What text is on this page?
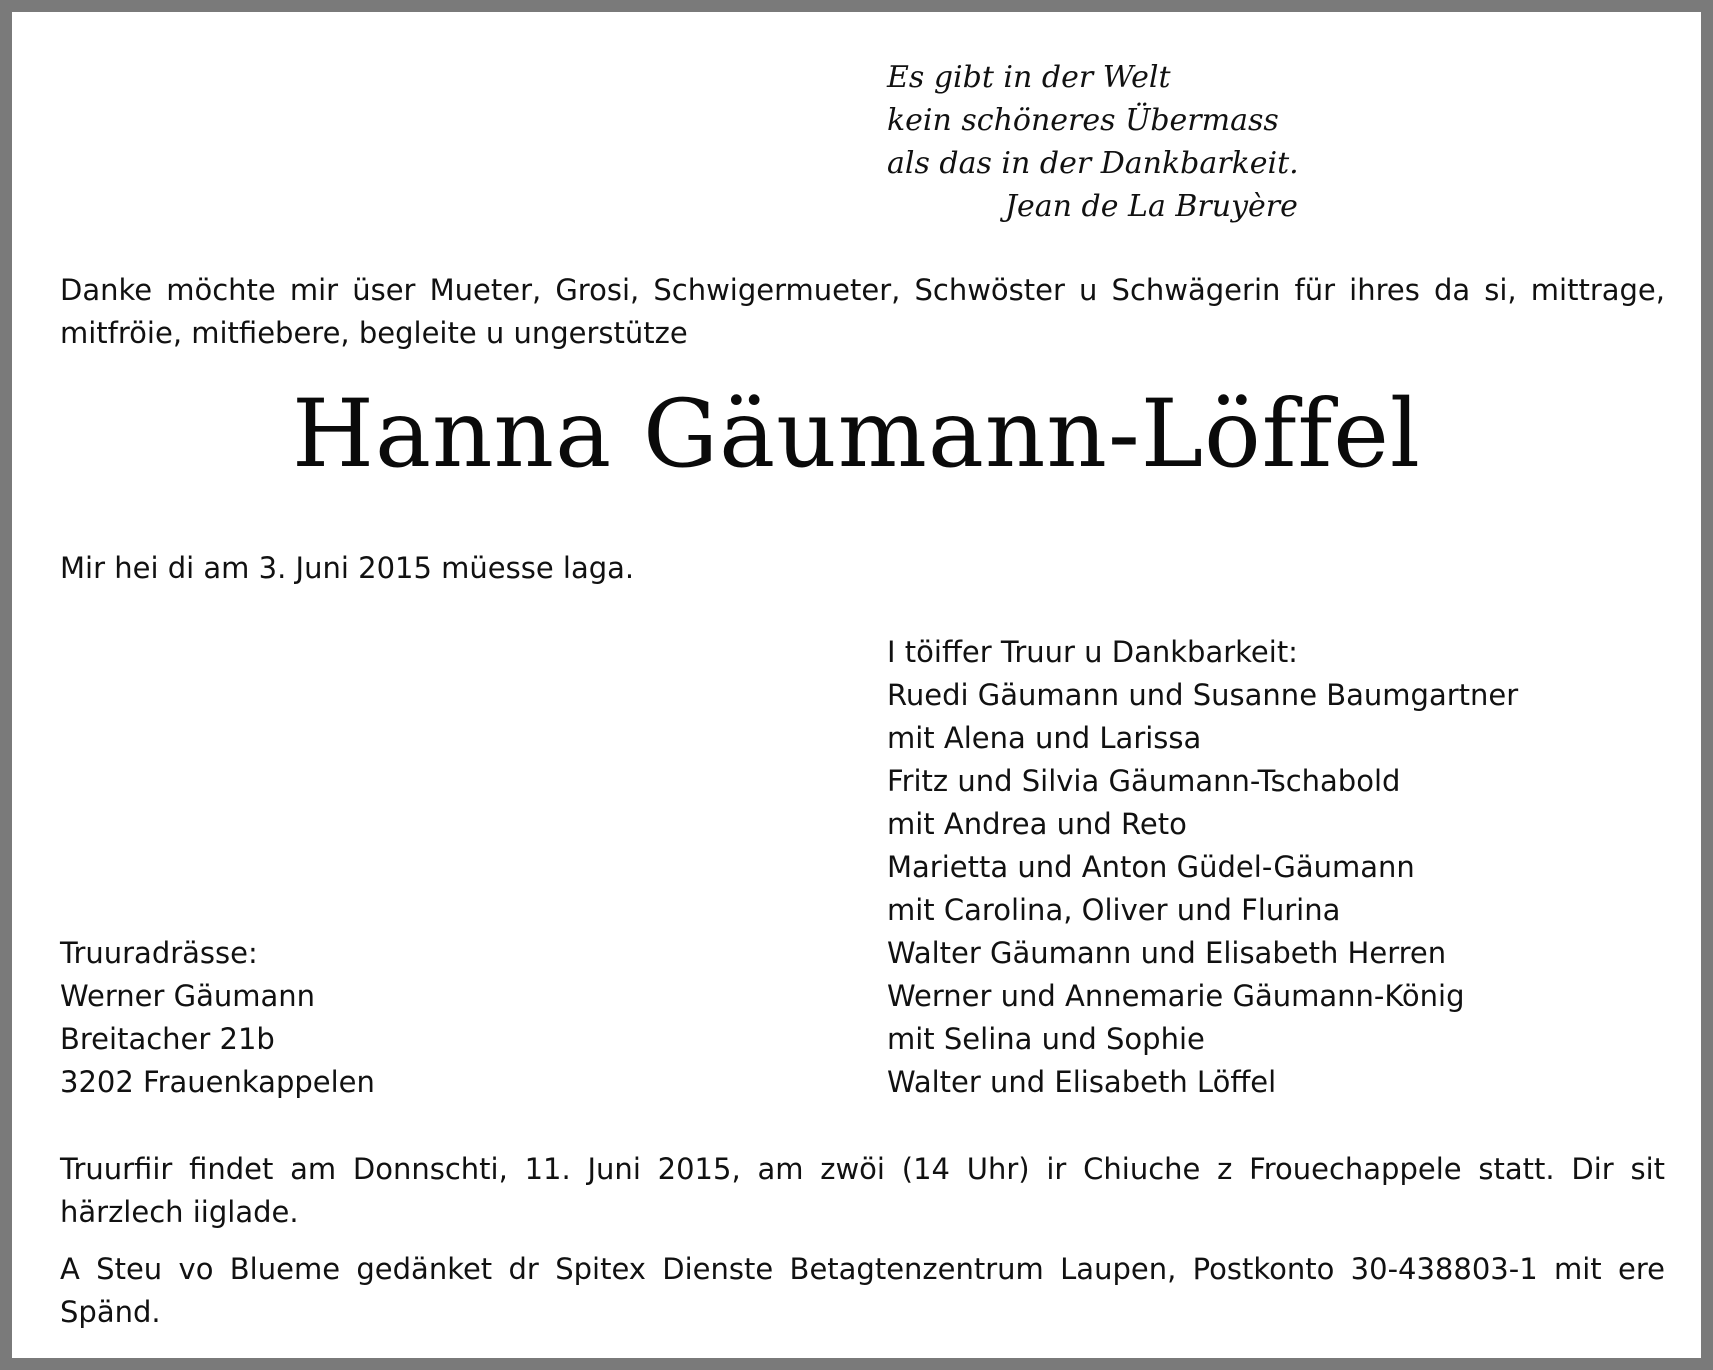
Es gibt in der Welt
kein schöneres Übermass
als das in der Dankbarkeit.
Jean de La Bruyère
Danke möchte mir üser Mueter, Grosi, Schwigermueter, Schwöster u Schwägerin für ihres da si, mittrage, mitfröie, mitfiebere, begleite u ungerstütze
Hanna Gäumann-Löffel
Mir hei di am 3. Juni 2015 müesse laga.
I töiffer Truur u Dankbarkeit:
Ruedi Gäumann und Susanne Baumgartner
mit Alena und Larissa
Fritz und Silvia Gäumann-Tschabold
mit Andrea und Reto
Marietta und Anton Güdel-Gäumann
mit Carolina, Oliver und Flurina
Walter Gäumann und Elisabeth Herren
Werner und Annemarie Gäumann-König
mit Selina und Sophie
Walter und Elisabeth Löffel
Truuradrässe:
Werner Gäumann
Breitacher 21b
3202 Frauenkappelen
Truurfiir findet am Donnschti, 11. Juni 2015, am zwöi (14 Uhr) ir Chiuche z Frouechappele statt. Dir sit härzlech iiglade.
A Steu vo Blueme gedänket dr Spitex Dienste Betagtenzentrum Laupen, Postkonto 30-438803-1 mit ere Spänd.
